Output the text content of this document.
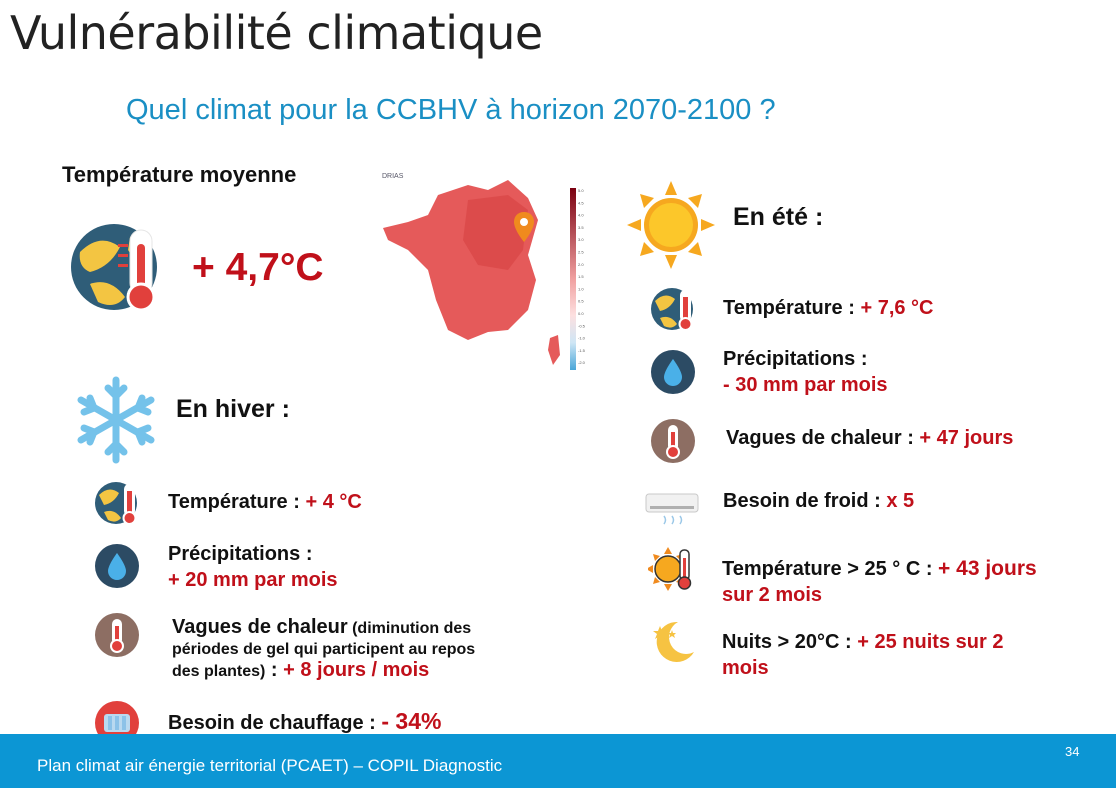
Vulnérabilité climatique
Quel climat pour la CCBHV à horizon 2070-2100 ?
Température moyenne
+ 4,7°C
DRIAS
5.0
4.5
4.0
3.5
3.0
2.5
2.0
1.5
1.0
0.5
0.0
-0.5
-1.0
-1.5
-2.0
En hiver :
Température : + 4 °C
Précipitations :
+ 20 mm par mois
Vagues de chaleur (diminution des
périodes de gel qui participent au repos
des plantes) : + 8 jours / mois
Besoin de chauffage : - 34%
En été :
Température : + 7,6 °C
Précipitations :
- 30 mm par mois
Vagues de chaleur : + 47 jours
Besoin de froid : x 5
Température > 25 ° C : + 43 jours
sur 2 mois
Nuits > 20°C : + 25 nuits sur 2
mois
Plan climat air énergie territorial (PCAET) – COPIL Diagnostic
34
